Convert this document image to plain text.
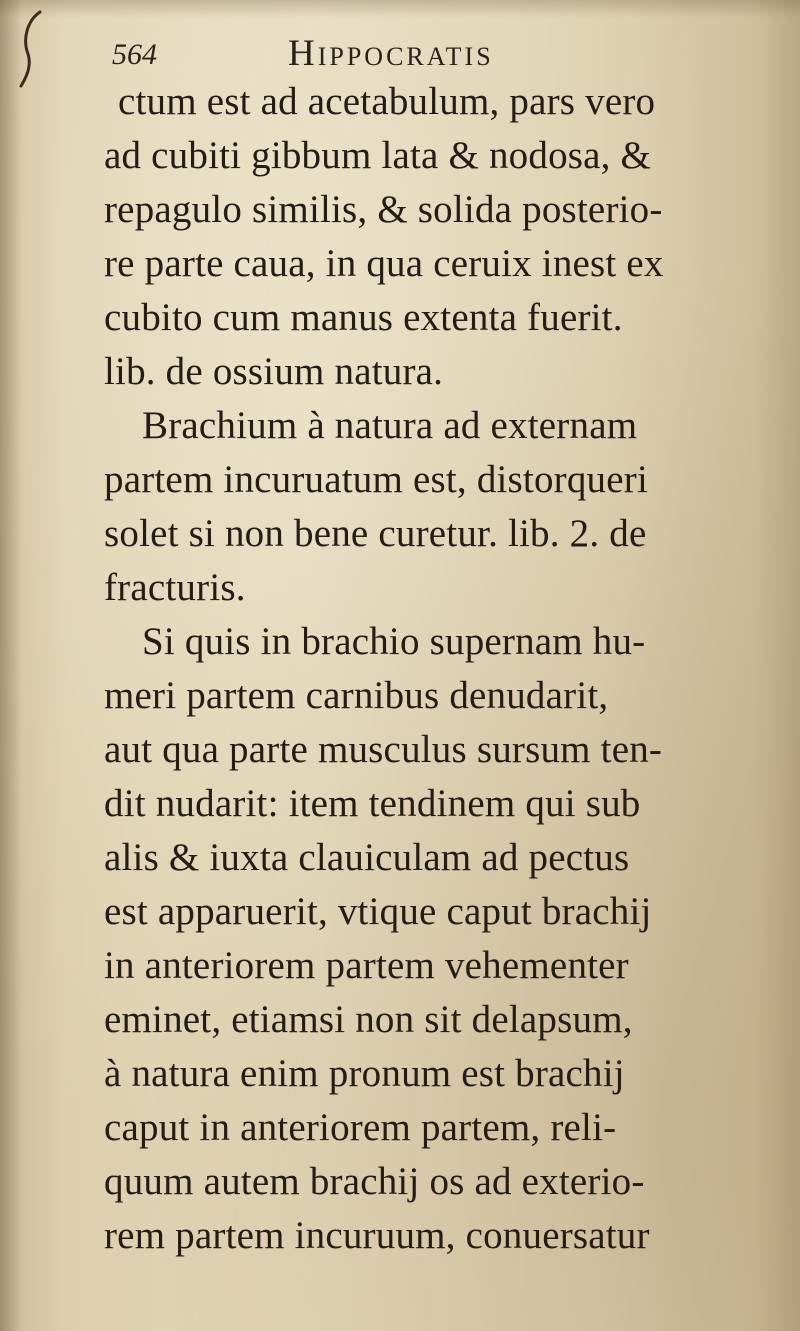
564	Hippocratis
ctum est ad acetabulum, pars vero
ad cubiti gibbum lata & nodosa, &
repagulo similis, & solida posterio-
re parte caua, in qua ceruix inest ex
cubito cum manus extenta fuerit.
lib. de ossium natura.
Brachium à natura ad externam
partem incuruatum est, distorqueri
solet si non bene curetur. lib. 2. de
fracturis.
Si quis in brachio supernam hu-
meri partem carnibus denudarit,
aut qua parte musculus sursum ten-
dit nudarit: item tendinem qui sub
alis & iuxta clauiculam ad pectus
est apparuerit, vtique caput brachij
in anteriorem partem vehementer
eminet, etiamsi non sit delapsum,
à natura enim pronum est brachij
caput in anteriorem partem, reli-
quum autem brachij os ad exterio-
rem partem incuruum, conuersatur
